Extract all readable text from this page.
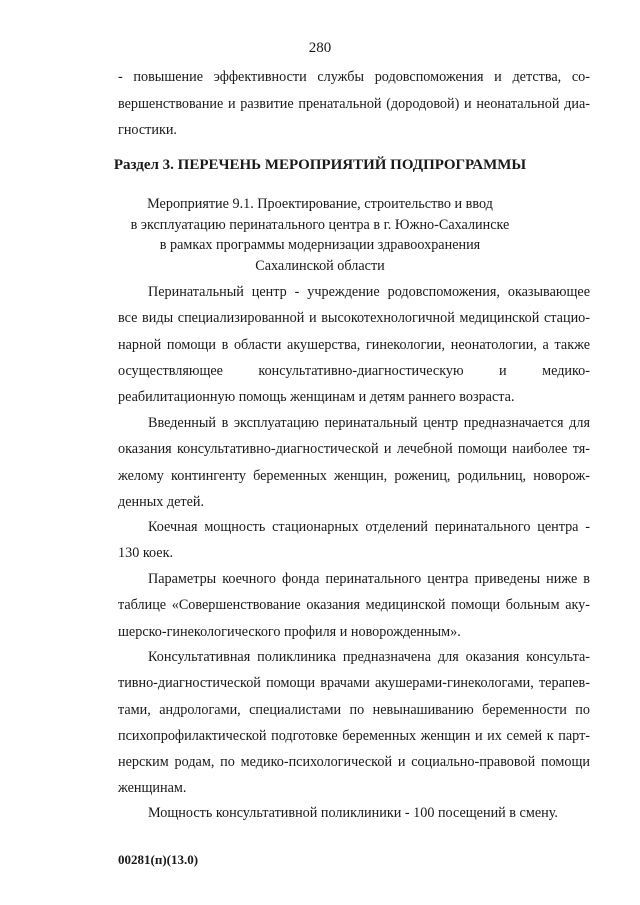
280
- повышение эффективности службы родовспоможения и детства, со-
вершенствование и развитие пренатальной (дородовой) и неонатальной диа-
гностики.
Раздел 3. ПЕРЕЧЕНЬ МЕРОПРИЯТИЙ ПОДПРОГРАММЫ
Мероприятие 9.1. Проектирование, строительство и ввод
в эксплуатацию перинатального центра в г. Южно-Сахалинске
в рамках программы модернизации здравоохранения
Сахалинской области
Перинатальный центр - учреждение родовспоможения, оказывающее
все виды специализированной и высокотехнологичной медицинской стацио-
нарной помощи в области акушерства, гинекологии, неонатологии, а также
осуществляющее консультативно-диагностическую и медико-
реабилитационную помощь женщинам и детям раннего возраста.
Введенный в эксплуатацию перинатальный центр предназначается для
оказания консультативно-диагностической и лечебной помощи наиболее тя-
желому контингенту беременных женщин, рожениц, родильниц, новорож-
денных детей.
Коечная мощность стационарных отделений перинатального центра -
130 коек.
Параметры коечного фонда перинатального центра приведены ниже в
таблице «Совершенствование оказания медицинской помощи больным аку-
шерско-гинекологического профиля и новорожденным».
Консультативная поликлиника предназначена для оказания консульта-
тивно-диагностической помощи врачами акушерами-гинекологами, терапев-
тами, андрологами, специалистами по невынашиванию беременности по
психопрофилактической подготовке беременных женщин и их семей к парт-
нерским родам, по медико-психологической и социально-правовой помощи
женщинам.
Мощность консультативной поликлиники - 100 посещений в смену.
00281(п)(13.0)
